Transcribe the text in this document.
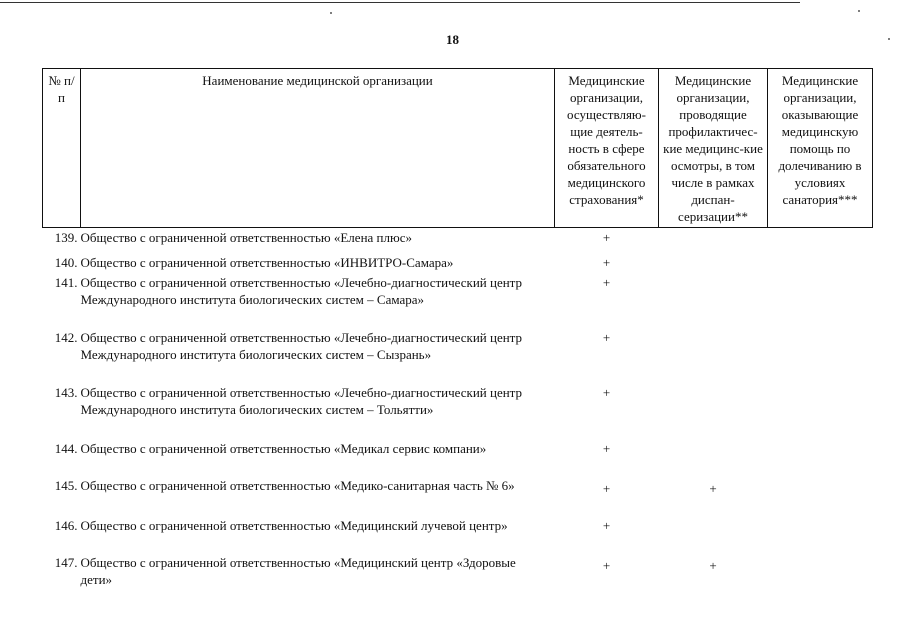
18
№ п/п	Наименование медицинской организации	Медицинские организации, осуществляю-щие деятель-ность в сфере обязательного медицинского страхования*	Медицинские организации, проводящие профилактичес-кие медицинс-кие осмотры, в том числе в рамках диспан-серизации**	Медицинские организации, оказывающие медицинскую помощь по долечиванию в условиях санатория***
139.	Общество с ограниченной ответственностью «Елена плюс»	+		
140.	Общество с ограниченной ответственностью «ИНВИТРО-Самара»	+		
141.	Общество с ограниченной ответственностью «Лечебно-диагностический центр Международного института биологических систем – Самара»	+		
142.	Общество с ограниченной ответственностью «Лечебно-диагностический центр Международного института биологических систем – Сызрань»	+		
143.	Общество с ограниченной ответственностью «Лечебно-диагностический центр Международного института биологических систем – Тольятти»	+		
144.	Общество с ограниченной ответственностью «Медикал сервис компани»	+		
145.	Общество с ограниченной ответственностью «Медико-санитарная часть № 6»	+	+	
146.	Общество с ограниченной ответственностью «Медицинский лучевой центр»	+		
147.	Общество с ограниченной ответственностью «Медицинский центр «Здоровые дети»	+	+	
